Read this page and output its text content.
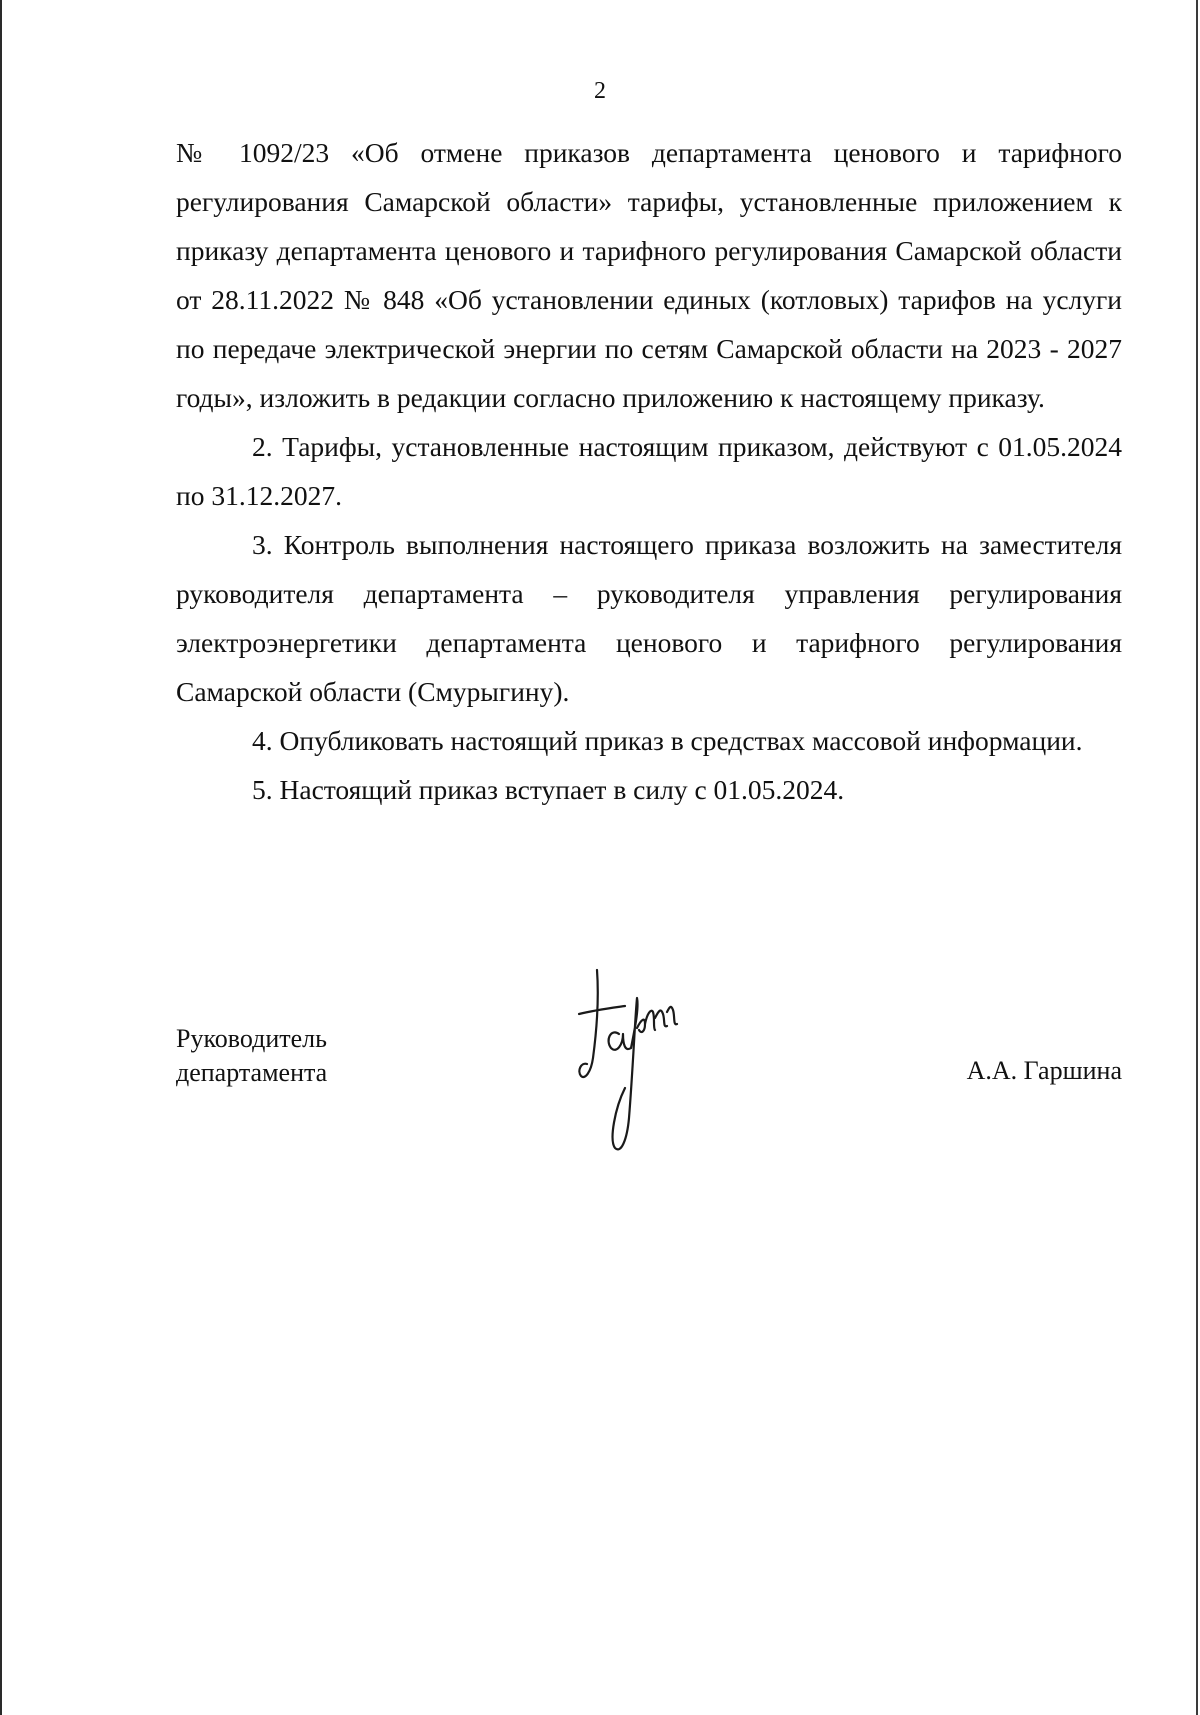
2

№ 1092/23 «Об отмене приказов департамента ценового и тарифного регулирования Самарской области» тарифы, установленные приложением к приказу департамента ценового и тарифного регулирования Самарской области от 28.11.2022 № 848 «Об установлении единых (котловых) тарифов на услуги по передаче электрической энергии по сетям Самарской области на 2023 - 2027 годы», изложить в редакции согласно приложению к настоящему приказу.

2. Тарифы, установленные настоящим приказом, действуют с 01.05.2024 по 31.12.2027.

3. Контроль выполнения настоящего приказа возложить на заместителя руководителя департамента – руководителя управления регулирования электроэнергетики департамента ценового и тарифного регулирования Самарской области (Смурыгину).

4. Опубликовать настоящий приказ в средствах массовой информации.

5. Настоящий приказ вступает в силу с 01.05.2024.

Руководитель
департамента	А.А. Гаршина
